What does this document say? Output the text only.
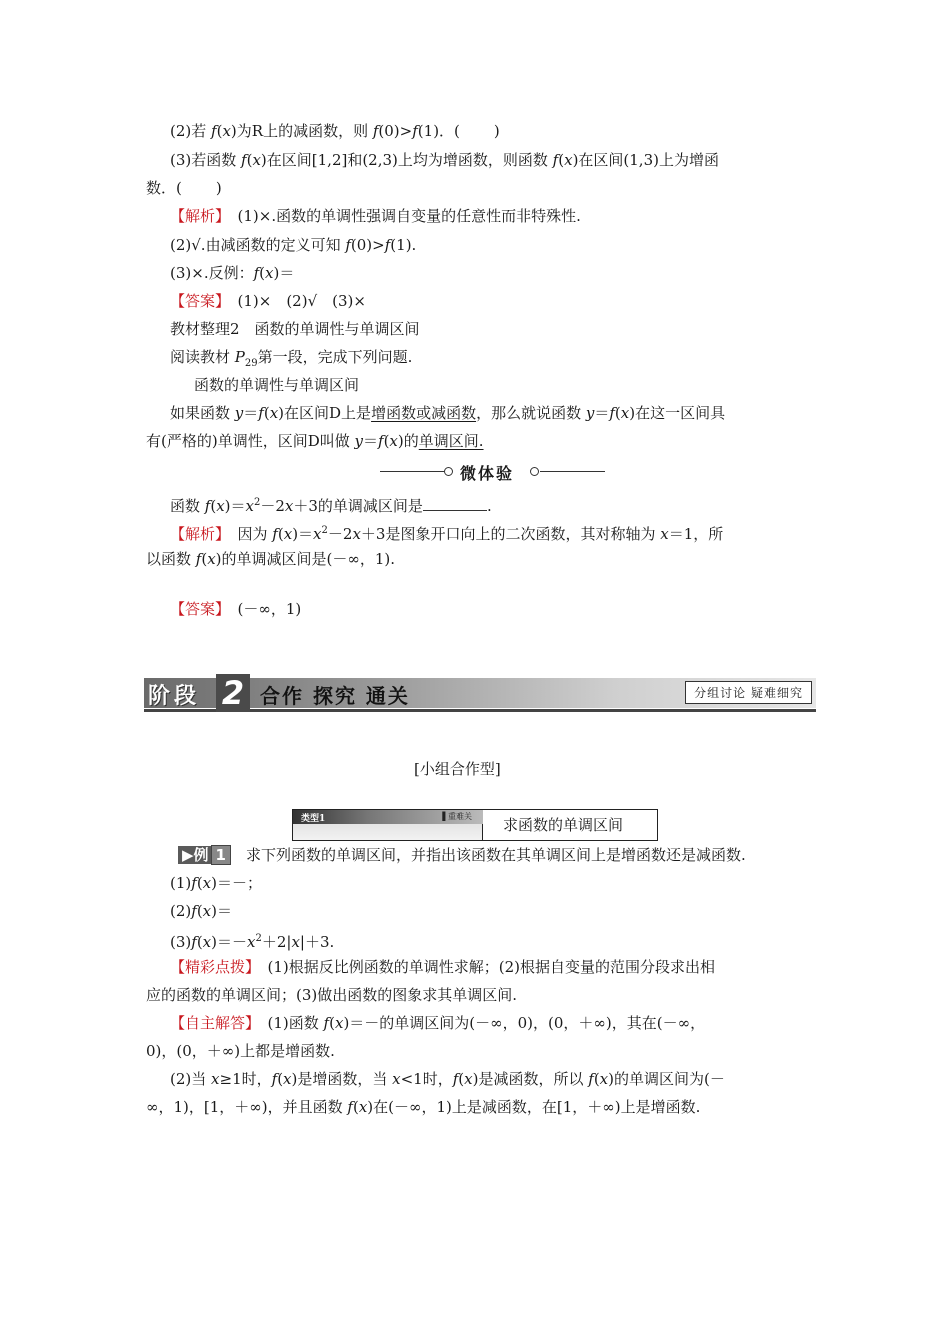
(2)若 f(x)为R上的减函数，则 f(0)>f(1)．( )
(3)若函数 f(x)在区间[1,2]和(2,3)上均为增函数，则函数 f(x)在区间(1,3)上为增函
数．( )
【解析】　(1)×.函数的单调性强调自变量的任意性而非特殊性.
(2)√.由减函数的定义可知 f(0)>f(1).
(3)×.反例：f(x)＝
【答案】　(1)×　(2)√　(3)×
教材整理2　函数的单调性与单调区间
阅读教材 $P_{29}$第一段，完成下列问题.
函数的单调性与单调区间
如果函数 y＝f(x)在区间D上是增函数或减函数，那么就说函数 y＝f(x)在这一区间具
有(严格的)单调性，区间D叫做 y＝f(x)的单调区间.
微体验
函数 $f(x)=x^2-2x+3$的单调减区间是	.
【解析】　因为 $f(x)=x^2-2x+3$是图象开口向上的二次函数，其对称轴为 x＝1，所
以函数 f(x)的单调减区间是(－∞，1).
【答案】　(－∞，1)
阶段 2 合作 探究 通关	分组讨论 疑难细究
[小组合作型]
类型1	▐ 重难关 求函数的单调区间
▶例 1　求下列函数的单调区间，并指出该函数在其单调区间上是增函数还是减函数.
(1)f(x)＝－；
(2)f(x)＝
$(3)f(x)=-x^2+2|x|+3$.
【精彩点拨】　(1)根据反比例函数的单调性求解；(2)根据自变量的范围分段求出相
应的函数的单调区间；(3)做出函数的图象求其单调区间.
【自主解答】　(1)函数 f(x)＝－的单调区间为(－∞，0)，(0，＋∞)，其在(－∞，
0)，(0，＋∞)上都是增函数.
(2)当 x≥1时，f(x)是增函数，当 x<1时，f(x)是减函数，所以 f(x)的单调区间为(－
∞，1)，[1，＋∞)，并且函数 f(x)在(－∞，1)上是减函数，在[1，＋∞)上是增函数.
